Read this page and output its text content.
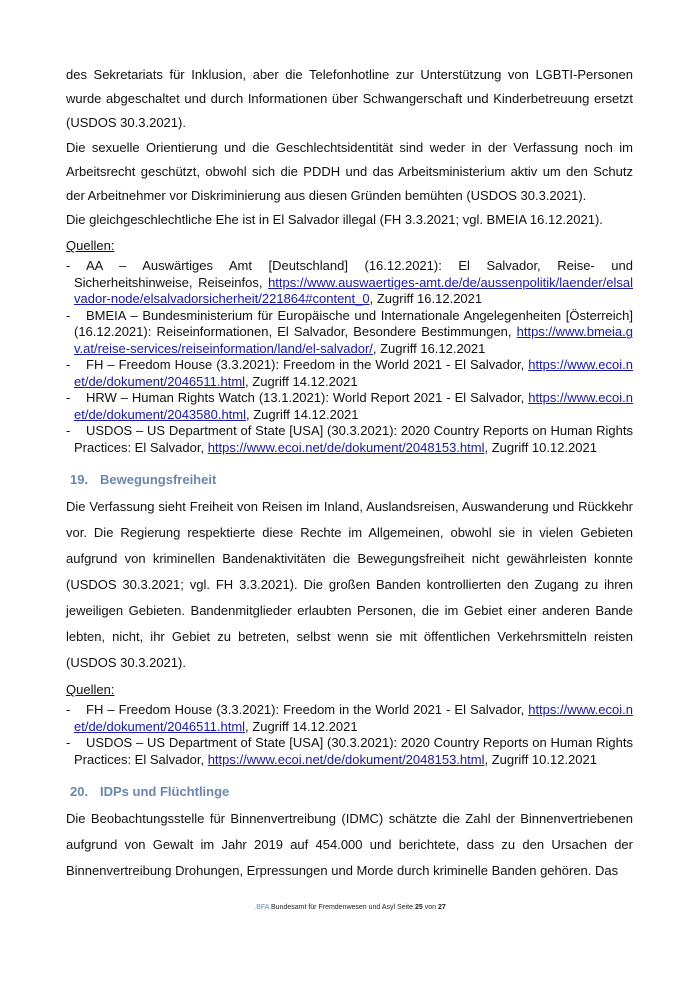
des Sekretariats für Inklusion, aber die Telefonhotline zur Unterstützung von LGBTI-Personen wurde abgeschaltet und durch Informationen über Schwangerschaft und Kinderbetreuung ersetzt (USDOS 30.3.2021).

Die sexuelle Orientierung und die Geschlechtsidentität sind weder in der Verfassung noch im Arbeitsrecht geschützt, obwohl sich die PDDH und das Arbeitsministerium aktiv um den Schutz der Arbeitnehmer vor Diskriminierung aus diesen Gründen bemühten (USDOS 30.3.2021).

Die gleichgeschlechtliche Ehe ist in El Salvador illegal (FH 3.3.2021; vgl. BMEIA 16.12.2021).

Quellen:
- AA – Auswärtiges Amt [Deutschland] (16.12.2021): El Salvador, Reise- und Sicherheitshinweise, Reiseinfos, https://www.auswaertiges-amt.de/de/aussenpolitik/laender/elsalvador-node/elsalvadorsicherheit/221864#content_0, Zugriff 16.12.2021
- BMEIA – Bundesministerium für Europäische und Internationale Angelegenheiten [Österreich] (16.12.2021): Reiseinformationen, El Salvador, Besondere Bestimmungen, https://www.bmeia.gv.at/reise-services/reiseinformation/land/el-salvador/, Zugriff 16.12.2021
- FH – Freedom House (3.3.2021): Freedom in the World 2021 - El Salvador, https://www.ecoi.net/de/dokument/2046511.html, Zugriff 14.12.2021
- HRW – Human Rights Watch (13.1.2021): World Report 2021 - El Salvador, https://www.ecoi.net/de/dokument/2043580.html, Zugriff 14.12.2021
- USDOS – US Department of State [USA] (30.3.2021): 2020 Country Reports on Human Rights Practices: El Salvador, https://www.ecoi.net/de/dokument/2048153.html, Zugriff 10.12.2021
19. Bewegungsfreiheit

Die Verfassung sieht Freiheit von Reisen im Inland, Auslandsreisen, Auswanderung und Rückkehr vor. Die Regierung respektierte diese Rechte im Allgemeinen, obwohl sie in vielen Gebieten aufgrund von kriminellen Bandenaktivitäten die Bewegungsfreiheit nicht gewährleisten konnte (USDOS 30.3.2021; vgl. FH 3.3.2021). Die großen Banden kontrollierten den Zugang zu ihren jeweiligen Gebieten. Bandenmitglieder erlaubten Personen, die im Gebiet einer anderen Bande lebten, nicht, ihr Gebiet zu betreten, selbst wenn sie mit öffentlichen Verkehrsmitteln reisten (USDOS 30.3.2021).

Quellen:
- FH – Freedom House (3.3.2021): Freedom in the World 2021 - El Salvador, https://www.ecoi.net/de/dokument/2046511.html, Zugriff 14.12.2021
- USDOS – US Department of State [USA] (30.3.2021): 2020 Country Reports on Human Rights Practices: El Salvador, https://www.ecoi.net/de/dokument/2048153.html, Zugriff 10.12.2021
20. IDPs und Flüchtlinge

Die Beobachtungsstelle für Binnenvertreibung (IDMC) schätzte die Zahl der Binnenvertriebenen aufgrund von Gewalt im Jahr 2019 auf 454.000 und berichtete, dass zu den Ursachen der Binnenvertreibung Drohungen, Erpressungen und Morde durch kriminelle Banden gehören. Das

.BFA Bundesamt für Fremdenwesen und Asyl Seite 25 von 27
